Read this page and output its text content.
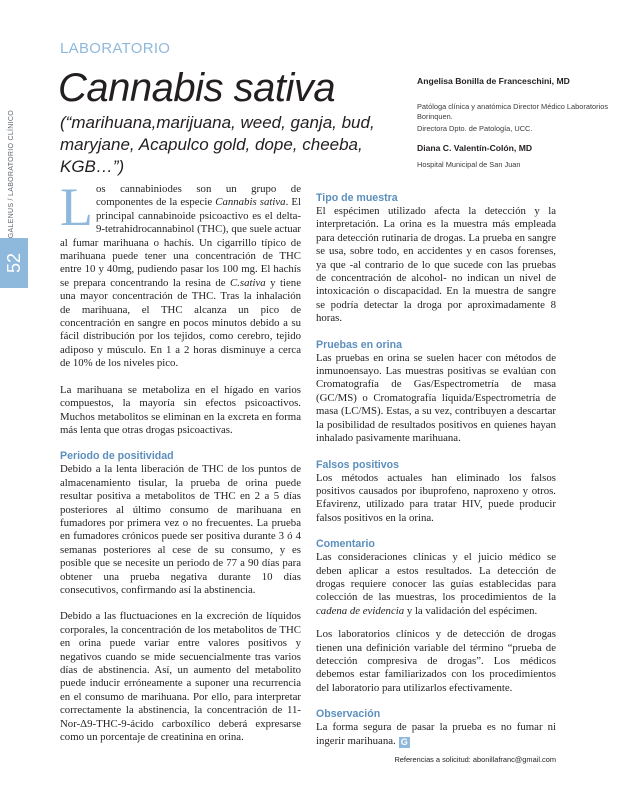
GALENUS / LABORATORIO CLÍNICO
52
LABORATORIO
Cannabis sativa
(“marihuana,marijuana, weed, ganja, bud, maryjane, Acapulco gold, dope, cheeba, KGB…”)
Angelisa Bonilla de Franceschini, MD
Patóloga clínica y anatómica Director Médico Laboratorios Borinquen.
Directora Dpto. de Patología, UCC.
Diana C. Valentín-Colón, MD
Hospital Municipal de San Juan

Los cannabiniodes son un grupo de componentes de la especie Cannabis sativa. El principal cannabinoide psicoactivo es el delta-9-tetrahidrocannabinol (THC), que suele actuar al fumar marihuana o hachís. Un cigarrillo típico de marihuana puede tener una concentración de THC entre 10 y 40mg, pudiendo pasar los 100 mg. El hachís se prepara concentrando la resina de C.sativa y tiene una mayor concentración de THC. Tras la inhalación de marihuana, el THC alcanza un pico de concentración en sangre en pocos minutos debido a su fácil distribución por los tejidos, como cerebro, tejido adiposo y músculo. En 1 a 2 horas disminuye a cerca de 10% de los niveles pico.

La marihuana se metaboliza en el hígado en varios compuestos, la mayoría sin efectos psicoactivos. Muchos metabolitos se eliminan en la excreta en forma más lenta que otras drogas psicoactivas.

Periodo de positividad

Debido a la lenta liberación de THC de los puntos de almacenamiento tisular, la prueba de orina puede resultar positiva a metabolitos de THC en 2 a 5 días posteriores al último consumo de marihuana en fumadores por primera vez o no frecuentes. La prueba en fumadores crónicos puede ser positiva durante 3 ó 4 semanas posteriores al cese de su consumo, y es posible que se necesite un periodo de 77 a 90 días para obtener una prueba negativa durante 10 días consecutivos, confirmando así la abstinencia.

Debido a las fluctuaciones en la excreción de líquidos corporales, la concentración de los metabolitos de THC en orina puede variar entre valores positivos y negativos cuando se mide secuencialmente tras varios días de abstinencia. Así, un aumento del metabolito puede inducir erróneamente a suponer una recurrencia en el consumo de marihuana. Por ello, para interpretar correctamente la abstinencia, la concentración de 11-Nor-Δ9-THC-9-ácido carboxílico deberá expresarse como un porcentaje de creatinina en orina.

Tipo de muestra

El espécimen utilizado afecta la detección y la interpretación. La orina es la muestra más empleada para detección rutinaria de drogas. La prueba en sangre se usa, sobre todo, en accidentes y en casos forenses, ya que -al contrario de lo que sucede con las pruebas de concentración de alcohol- no indican un nivel de intoxicación o discapacidad. En la muestra de sangre se podría detectar la droga por aproximadamente 8 horas.

Pruebas en orina

Las pruebas en orina se suelen hacer con métodos de inmunoensayo. Las muestras positivas se evalúan con Cromatografía de Gas/Espectrometría de masa (GC/MS) o Cromatografía líquida/Espectrometría de masa (LC/MS). Estas, a su vez, contribuyen a descartar la posibilidad de resultados positivos en quienes hayan inhalado pasivamente marihuana.

Falsos positivos

Los métodos actuales han eliminado los falsos positivos causados por ibuprofeno, naproxeno y otros. Efavirenz, utilizado para tratar HIV, puede producir falsos positivos en la orina.

Comentario

Las consideraciones clínicas y el juicio médico se deben aplicar a estos resultados. La detección de drogas requiere conocer las guías establecidas para colección de las muestras, los procedimientos de la cadena de evidencia y la validación del espécimen.

Los laboratorios clínicos y de detección de drogas tienen una definición variable del término “prueba de detección compresiva de drogas”. Los médicos debemos estar familiarizados con los procedimientos del laboratorio para utilizarlos efectivamente.

Observación

La forma segura de pasar la prueba es no fumar ni ingerir marihuana. G

Referencias a solicitud: abonillafranc@gmail.com
